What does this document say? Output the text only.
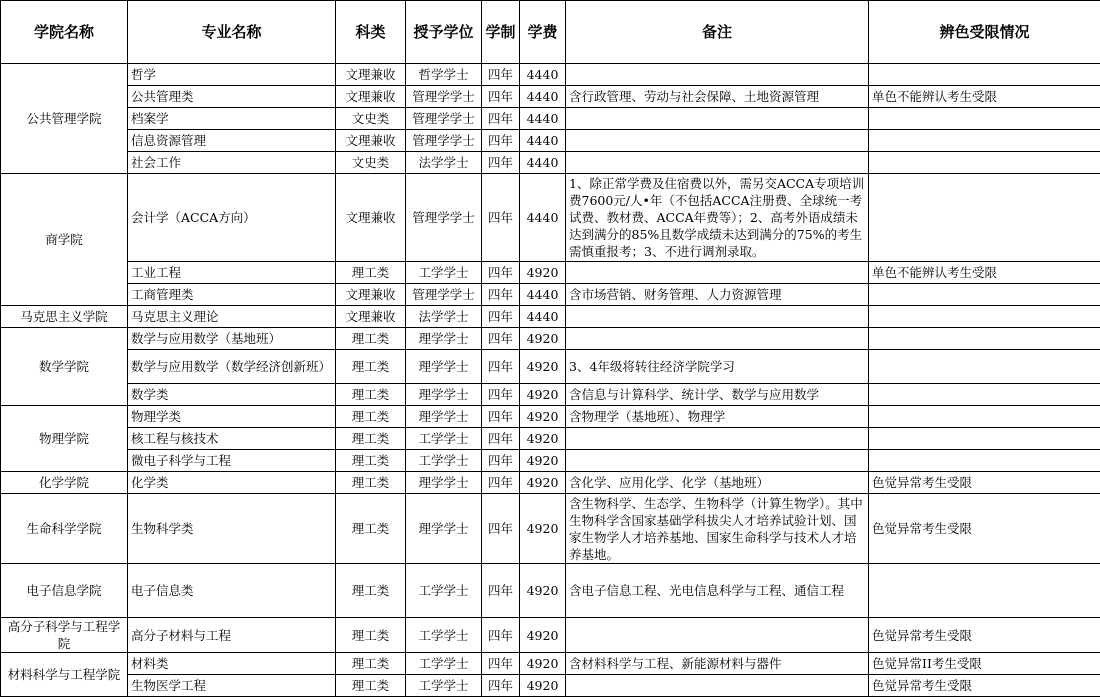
学院名称	专业名称	科类	授予学位	学制	学费	备注	辨色受限情况
公共管理学院	哲学	文理兼收	哲学学士	四年	4440		
	公共管理类	文理兼收	管理学学士	四年	4440	含行政管理、劳动与社会保障、土地资源管理	单色不能辨认考生受限
	档案学	文史类	管理学学士	四年	4440		
	信息资源管理	文理兼收	管理学学士	四年	4440		
	社会工作	文史类	法学学士	四年	4440		
商学院	会计学（ACCA方向）	文理兼收	管理学学士	四年	4440	1、除正常学费及住宿费以外，需另交ACCA专项培训费7600元/人•年（不包括ACCA注册费、全球统一考试费、教材费、ACCA年费等）；2、高考外语成绩未达到满分的85%且数学成绩未达到满分的75%的考生需慎重报考；3、不进行调剂录取。	
	工业工程	理工类	工学学士	四年	4920		单色不能辨认考生受限
	工商管理类	文理兼收	管理学学士	四年	4440	含市场营销、财务管理、人力资源管理	
马克思主义学院	马克思主义理论	文理兼收	法学学士	四年	4440		
数学学院	数学与应用数学（基地班）	理工类	理学学士	四年	4920		
	数学与应用数学（数学经济创新班）	理工类	理学学士	四年	4920	3、4年级将转往经济学院学习	
	数学类	理工类	理学学士	四年	4920	含信息与计算科学、统计学、数学与应用数学	
物理学院	物理学类	理工类	理学学士	四年	4920	含物理学（基地班）、物理学	
	核工程与核技术	理工类	工学学士	四年	4920		
	微电子科学与工程	理工类	工学学士	四年	4920		
化学学院	化学类	理工类	理学学士	四年	4920	含化学、应用化学、化学（基地班）	色觉异常考生受限
生命科学学院	生物科学类	理工类	理学学士	四年	4920	含生物科学、生态学、生物科学（计算生物学）。其中生物科学含国家基础学科拔尖人才培养试验计划、国家生物学人才培养基地、国家生命科学与技术人才培养基地。	色觉异常考生受限
电子信息学院	电子信息类	理工类	工学学士	四年	4920	含电子信息工程、光电信息科学与工程、通信工程	
高分子科学与工程学院	高分子材料与工程	理工类	工学学士	四年	4920		色觉异常考生受限
材料科学与工程学院	材料类	理工类	工学学士	四年	4920	含材料科学与工程、新能源材料与器件	色觉异常II考生受限
	生物医学工程	理工类	工学学士	四年	4920		色觉异常考生受限
